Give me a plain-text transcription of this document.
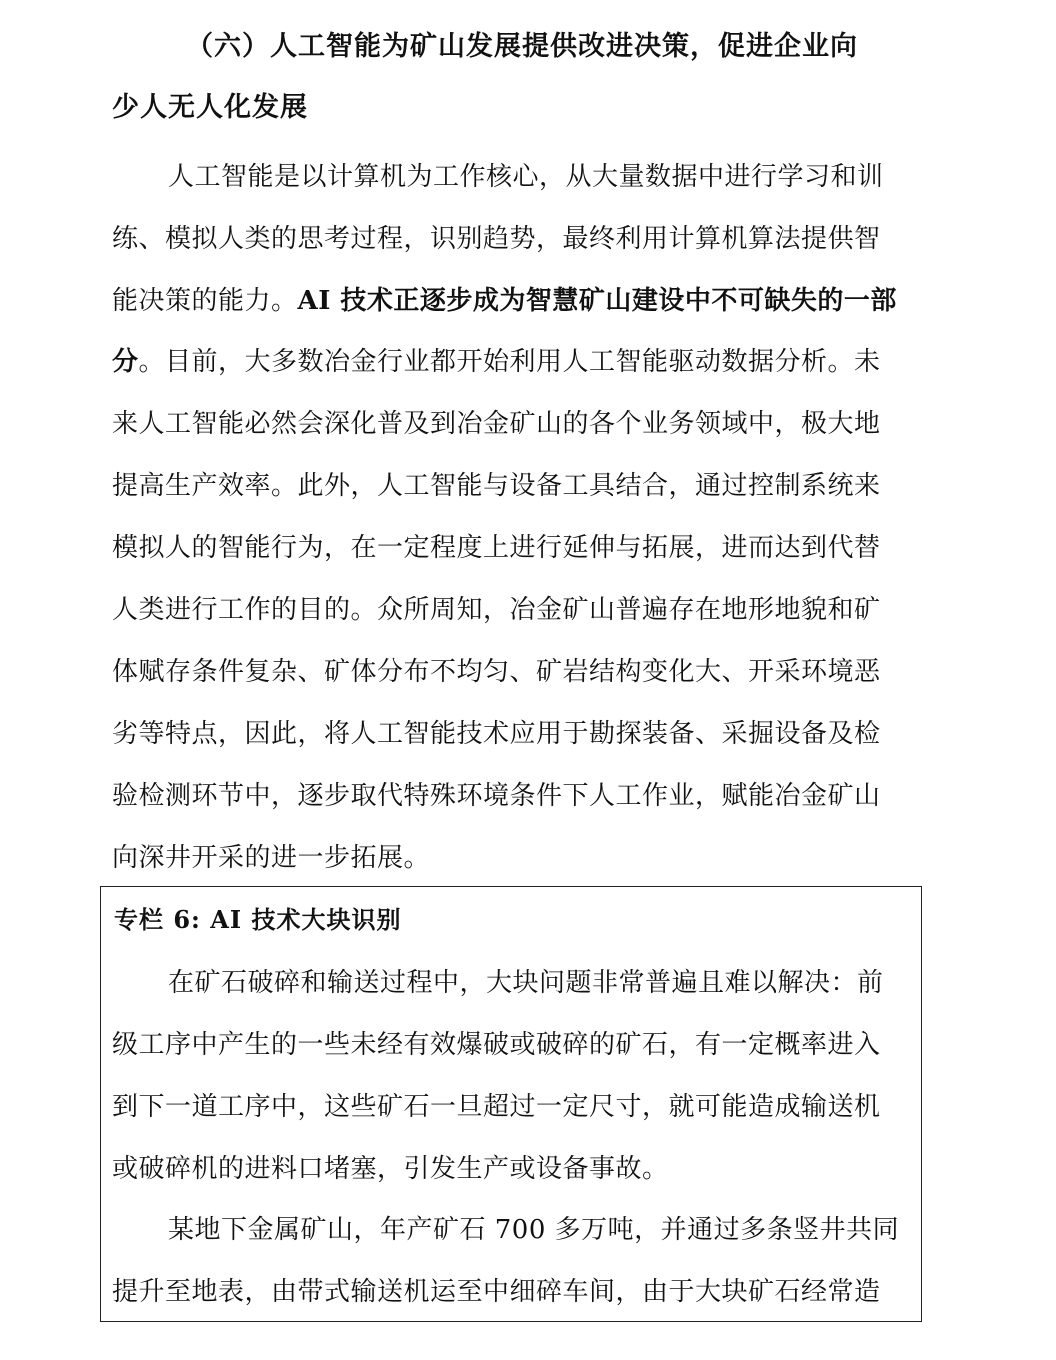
（六）人工智能为矿山发展提供改进决策，促进企业向
少人无人化发展
人工智能是以计算机为工作核心，从大量数据中进行学习和训
练、模拟人类的思考过程，识别趋势，最终利用计算机算法提供智
能决策的能力。AI 技术正逐步成为智慧矿山建设中不可缺失的一部
分。目前，大多数冶金行业都开始利用人工智能驱动数据分析。未
来人工智能必然会深化普及到冶金矿山的各个业务领域中，极大地
提高生产效率。此外，人工智能与设备工具结合，通过控制系统来
模拟人的智能行为，在一定程度上进行延伸与拓展，进而达到代替
人类进行工作的目的。众所周知，冶金矿山普遍存在地形地貌和矿
体赋存条件复杂、矿体分布不均匀、矿岩结构变化大、开采环境恶
劣等特点，因此，将人工智能技术应用于勘探装备、采掘设备及检
验检测环节中，逐步取代特殊环境条件下人工作业，赋能冶金矿山
向深井开采的进一步拓展。
专栏 6: AI 技术大块识别
在矿石破碎和输送过程中，大块问题非常普遍且难以解决：前
级工序中产生的一些未经有效爆破或破碎的矿石，有一定概率进入
到下一道工序中，这些矿石一旦超过一定尺寸，就可能造成输送机
或破碎机的进料口堵塞，引发生产或设备事故。
某地下金属矿山，年产矿石 700 多万吨，并通过多条竖井共同
提升至地表，由带式输送机运至中细碎车间，由于大块矿石经常造
